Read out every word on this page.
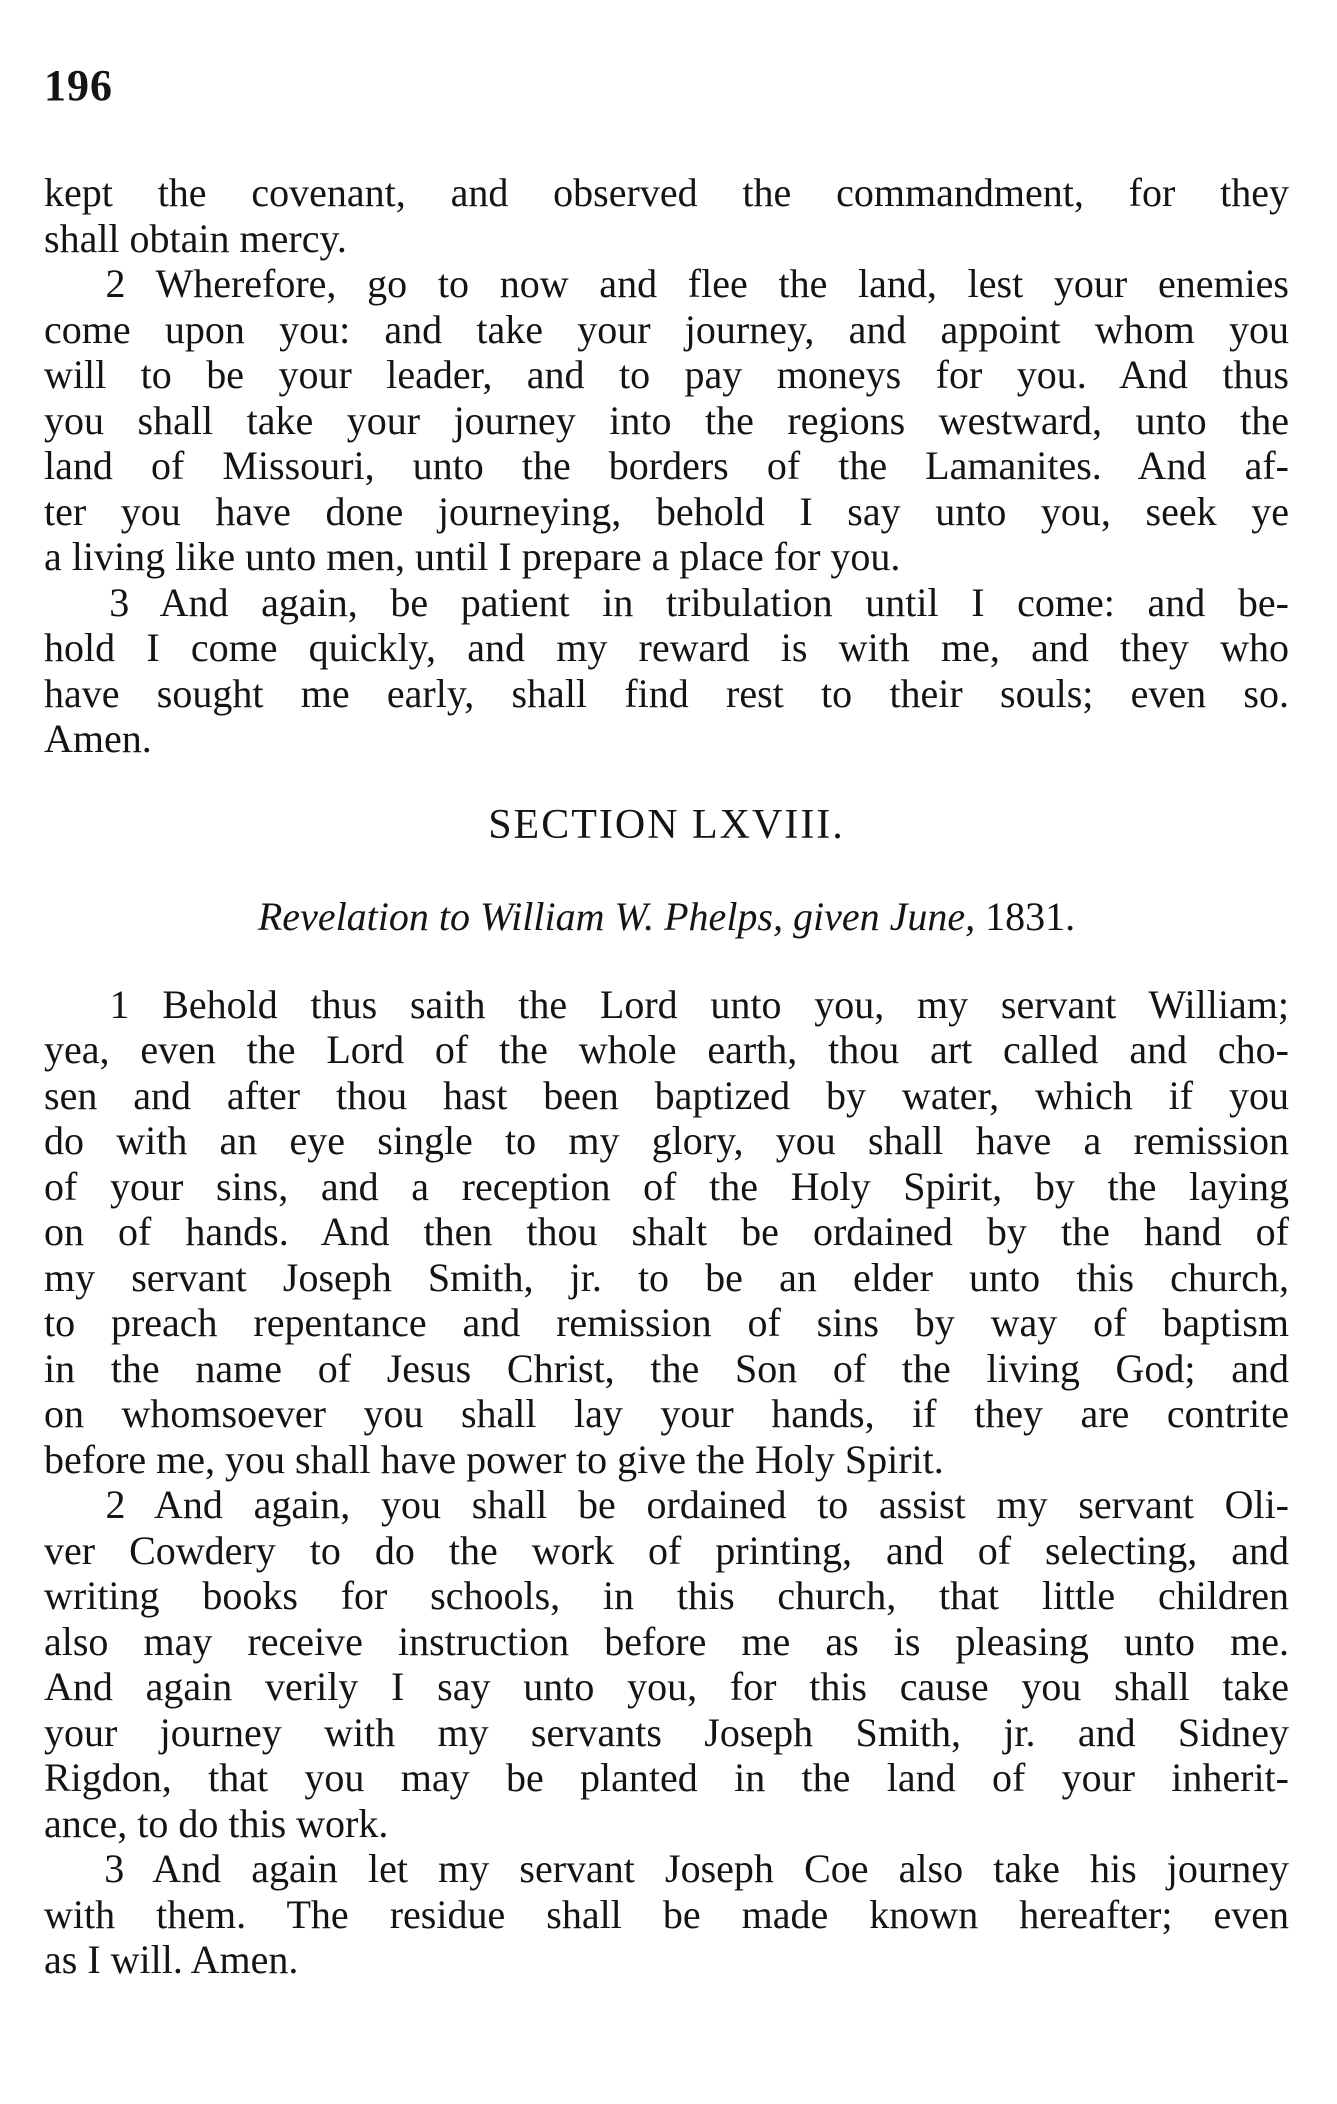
196
kept the covenant, and observed the commandment, for they
shall obtain mercy.
2 Wherefore, go to now and flee the land, lest your enemies
come upon you: and take your journey, and appoint whom you
will to be your leader, and to pay moneys for you. And thus
you shall take your journey into the regions westward, unto the
land of Missouri, unto the borders of the Lamanites. And af-
ter you have done journeying, behold I say unto you, seek ye
a living like unto men, until I prepare a place for you.
3 And again, be patient in tribulation until I come: and be-
hold I come quickly, and my reward is with me, and they who
have sought me early, shall find rest to their souls; even so.
Amen.
SECTION LXVIII.
Revelation to William W. Phelps, given June, 1831.
1 Behold thus saith the Lord unto you, my servant William;
yea, even the Lord of the whole earth, thou art called and cho-
sen and after thou hast been baptized by water, which if you
do with an eye single to my glory, you shall have a remission
of your sins, and a reception of the Holy Spirit, by the laying
on of hands. And then thou shalt be ordained by the hand of
my servant Joseph Smith, jr. to be an elder unto this church,
to preach repentance and remission of sins by way of baptism
in the name of Jesus Christ, the Son of the living God; and
on whomsoever you shall lay your hands, if they are contrite
before me, you shall have power to give the Holy Spirit.
2 And again, you shall be ordained to assist my servant Oli-
ver Cowdery to do the work of printing, and of selecting, and
writing books for schools, in this church, that little children
also may receive instruction before me as is pleasing unto me.
And again verily I say unto you, for this cause you shall take
your journey with my servants Joseph Smith, jr. and Sidney
Rigdon, that you may be planted in the land of your inherit-
ance, to do this work.
3 And again let my servant Joseph Coe also take his journey
with them. The residue shall be made known hereafter; even
as I will. Amen.
